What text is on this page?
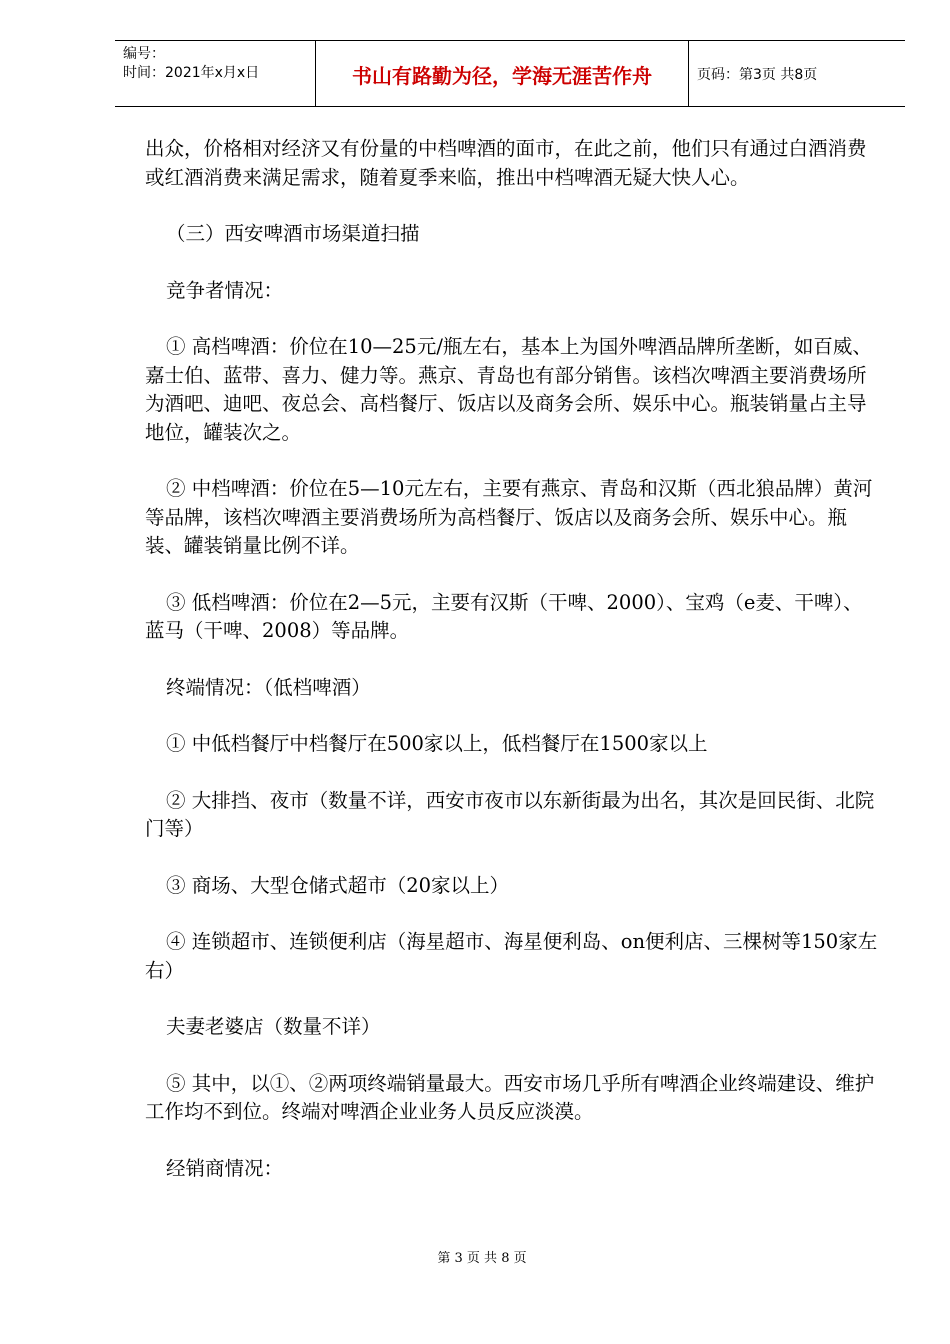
编号：
时间：2021年x月x日	书山有路勤为径，学海无涯苦作舟	页码：第3页 共8页

出众，价格相对经济又有份量的中档啤酒的面市，在此之前，他们只有通过白酒消费或红酒消费来满足需求，随着夏季来临，推出中档啤酒无疑大快人心。

（三）西安啤酒市场渠道扫描

竞争者情况：

① 高档啤酒：价位在10—25元/瓶左右，基本上为国外啤酒品牌所垄断，如百威、嘉士伯、蓝带、喜力、健力等。燕京、青岛也有部分销售。该档次啤酒主要消费场所为酒吧、迪吧、夜总会、高档餐厅、饭店以及商务会所、娱乐中心。瓶装销量占主导地位，罐装次之。

② 中档啤酒：价位在5—10元左右，主要有燕京、青岛和汉斯（西北狼品牌）黄河等品牌，该档次啤酒主要消费场所为高档餐厅、饭店以及商务会所、娱乐中心。瓶装、罐装销量比例不详。

③ 低档啤酒：价位在2—5元，主要有汉斯（干啤、2000）、宝鸡（e麦、干啤）、蓝马（干啤、2008）等品牌。

终端情况：（低档啤酒）

① 中低档餐厅中档餐厅在500家以上，低档餐厅在1500家以上

② 大排挡、夜市（数量不详，西安市夜市以东新街最为出名，其次是回民街、北院门等）

③ 商场、大型仓储式超市（20家以上）

④ 连锁超市、连锁便利店（海星超市、海星便利岛、on便利店、三棵树等150家左右）

夫妻老婆店（数量不详）

⑤ 其中，以①、②两项终端销量最大。西安市场几乎所有啤酒企业终端建设、维护工作均不到位。终端对啤酒企业业务人员反应淡漠。

经销商情况：

第 3 页 共 8 页
